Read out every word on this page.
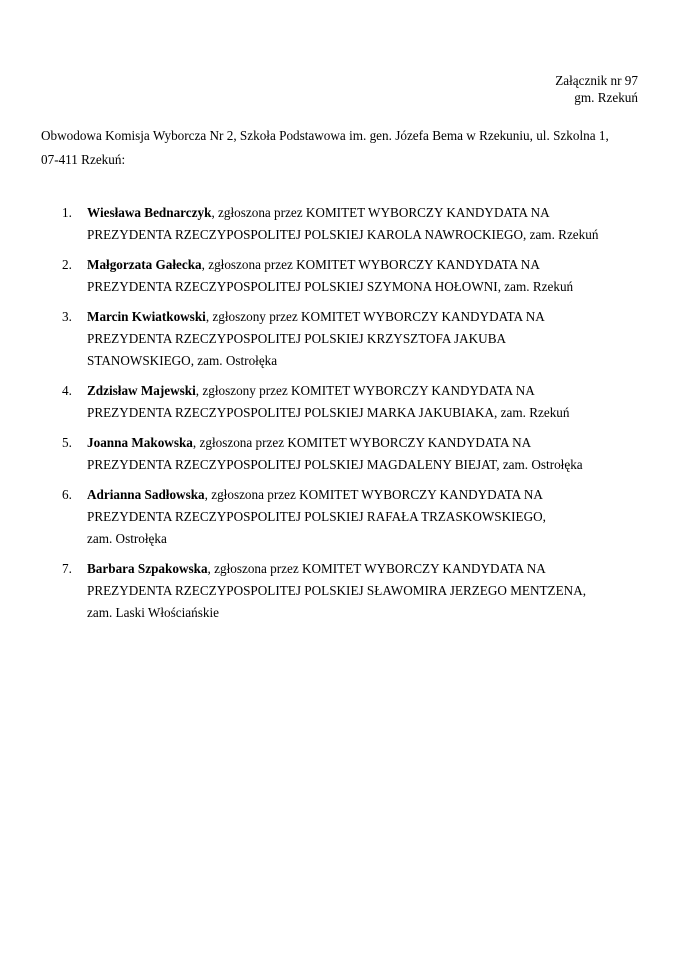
Załącznik nr 97
gm. Rzekuń
Obwodowa Komisja Wyborcza Nr 2, Szkoła Podstawowa im. gen. Józefa Bema w Rzekuniu, ul. Szkolna 1,
07-411 Rzekuń:
1. Wiesława Bednarczyk, zgłoszona przez KOMITET WYBORCZY KANDYDATA NA
PREZYDENTA RZECZYPOSPOLITEJ POLSKIEJ KAROLA NAWROCKIEGO, zam. Rzekuń
2. Małgorzata Gałecka, zgłoszona przez KOMITET WYBORCZY KANDYDATA NA
PREZYDENTA RZECZYPOSPOLITEJ POLSKIEJ SZYMONA HOŁOWNI, zam. Rzekuń
3. Marcin Kwiatkowski, zgłoszony przez KOMITET WYBORCZY KANDYDATA NA
PREZYDENTA RZECZYPOSPOLITEJ POLSKIEJ KRZYSZTOFA JAKUBA
STANOWSKIEGO, zam. Ostrołęka
4. Zdzisław Majewski, zgłoszony przez KOMITET WYBORCZY KANDYDATA NA
PREZYDENTA RZECZYPOSPOLITEJ POLSKIEJ MARKA JAKUBIAKA, zam. Rzekuń
5. Joanna Makowska, zgłoszona przez KOMITET WYBORCZY KANDYDATA NA
PREZYDENTA RZECZYPOSPOLITEJ POLSKIEJ MAGDALENY BIEJAT, zam. Ostrołęka
6. Adrianna Sadłowska, zgłoszona przez KOMITET WYBORCZY KANDYDATA NA
PREZYDENTA RZECZYPOSPOLITEJ POLSKIEJ RAFAŁA TRZASKOWSKIEGO,
zam. Ostrołęka
7. Barbara Szpakowska, zgłoszona przez KOMITET WYBORCZY KANDYDATA NA
PREZYDENTA RZECZYPOSPOLITEJ POLSKIEJ SŁAWOMIRA JERZEGO MENTZENA,
zam. Laski Włościańskie
